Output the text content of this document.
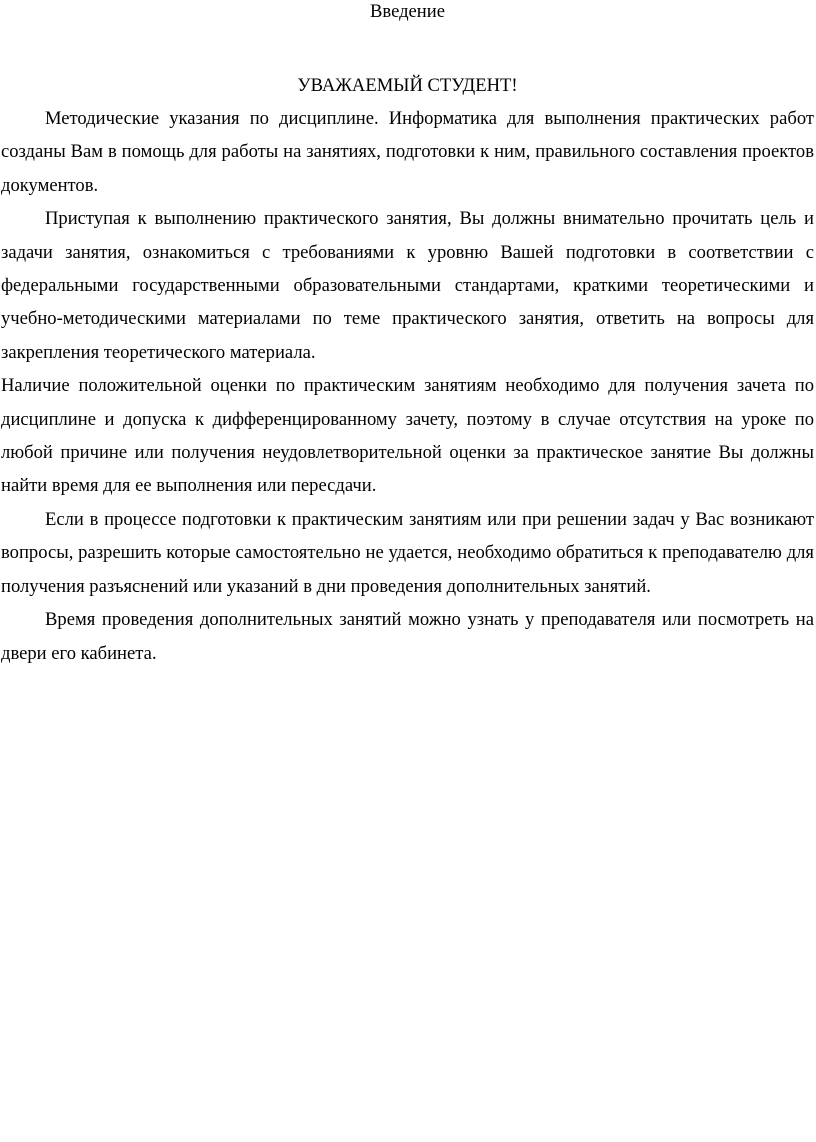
Введение

УВАЖАЕМЫЙ СТУДЕНТ!

Методические указания по дисциплине. Информатика для выполнения практических работ созданы Вам в помощь для работы на занятиях, подготовки к ним, правильного составления проектов документов.

Приступая к выполнению практического занятия, Вы должны внимательно прочитать цель и задачи занятия, ознакомиться с требованиями к уровню Вашей подготовки в соответствии с федеральными государственными образовательными стандартами, краткими теоретическими и учебно-методическими материалами по теме практического занятия, ответить на вопросы для закрепления теоретического материала.

Наличие положительной оценки по практическим занятиям необходимо для получения зачета по дисциплине и допуска к дифференцированному зачету, поэтому в случае отсутствия на уроке по любой причине или получения неудовлетворительной оценки за практическое занятие Вы должны найти время для ее выполнения или пересдачи.

Если в процессе подготовки к практическим занятиям или при решении задач у Вас возникают вопросы, разрешить которые самостоятельно не удается, необходимо обратиться к преподавателю для получения разъяснений или указаний в дни проведения дополнительных занятий.

Время проведения дополнительных занятий можно узнать у преподавателя или посмотреть на двери его кабинета.
